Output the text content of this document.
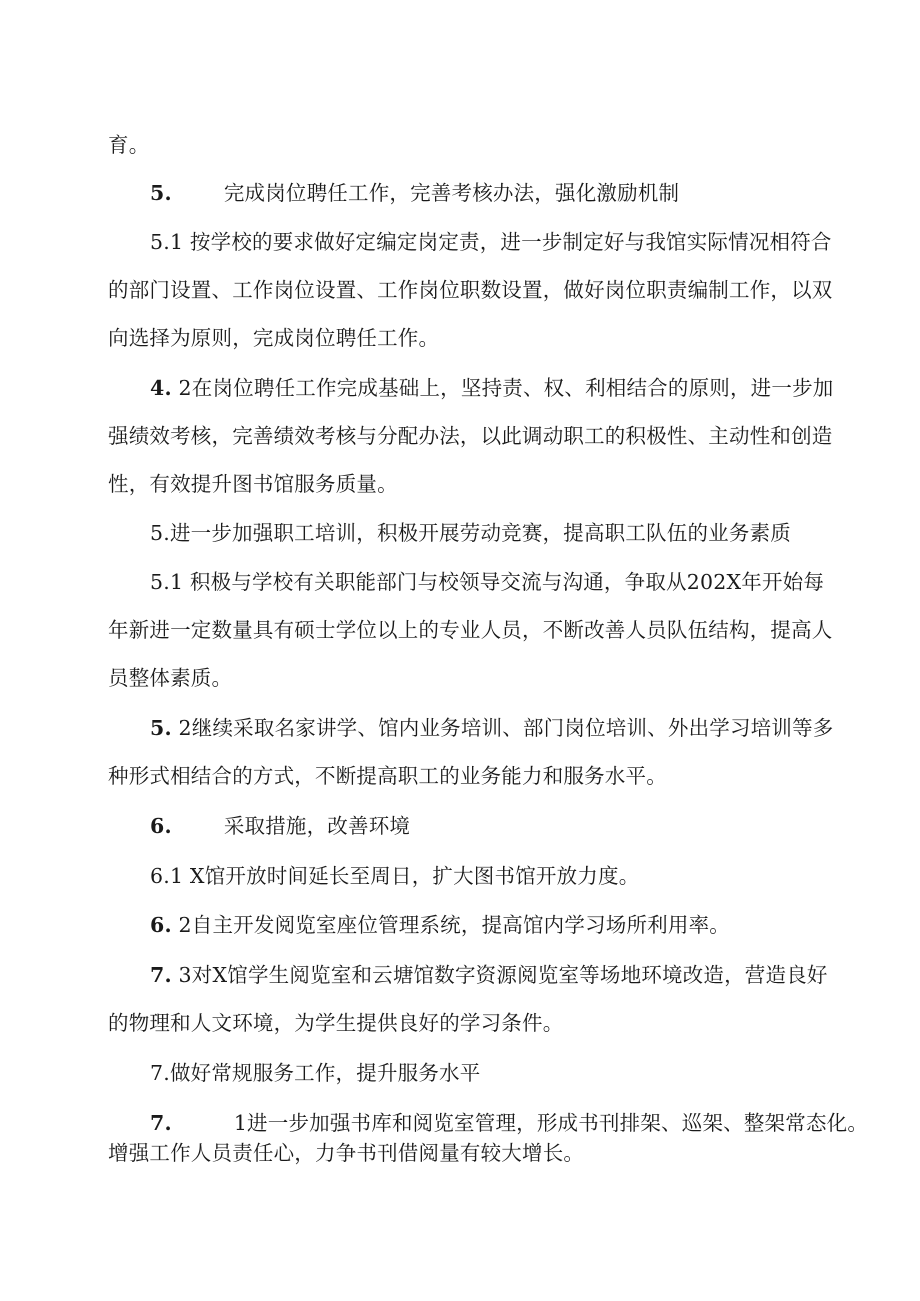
育。

5.	完成岗位聘任工作，完善考核办法，强化激励机制

5.1 按学校的要求做好定编定岗定责，进一步制定好与我馆实际情况相符合

的部门设置、工作岗位设置、工作岗位职数设置，做好岗位职责编制工作，以双

向选择为原则，完成岗位聘任工作。

4. 2在岗位聘任工作完成基础上，坚持责、权、利相结合的原则，进一步加

强绩效考核，完善绩效考核与分配办法，以此调动职工的积极性、主动性和创造

性，有效提升图书馆服务质量。

5.进一步加强职工培训，积极开展劳动竞赛，提高职工队伍的业务素质

5.1 积极与学校有关职能部门与校领导交流与沟通，争取从202X年开始每

年新进一定数量具有硕士学位以上的专业人员，不断改善人员队伍结构，提高人

员整体素质。

5. 2继续采取名家讲学、馆内业务培训、部门岗位培训、外出学习培训等多

种形式相结合的方式，不断提高职工的业务能力和服务水平。

6.	采取措施，改善环境

6.1 X馆开放时间延长至周日，扩大图书馆开放力度。

6. 2自主开发阅览室座位管理系统，提高馆内学习场所利用率。

7. 3对X馆学生阅览室和云塘馆数字资源阅览室等场地环境改造，营造良好

的物理和人文环境，为学生提供良好的学习条件。

7.做好常规服务工作，提升服务水平

7.	1进一步加强书库和阅览室管理，形成书刊排架、巡架、整架常态化。

增强工作人员责任心，力争书刊借阅量有较大增长。
